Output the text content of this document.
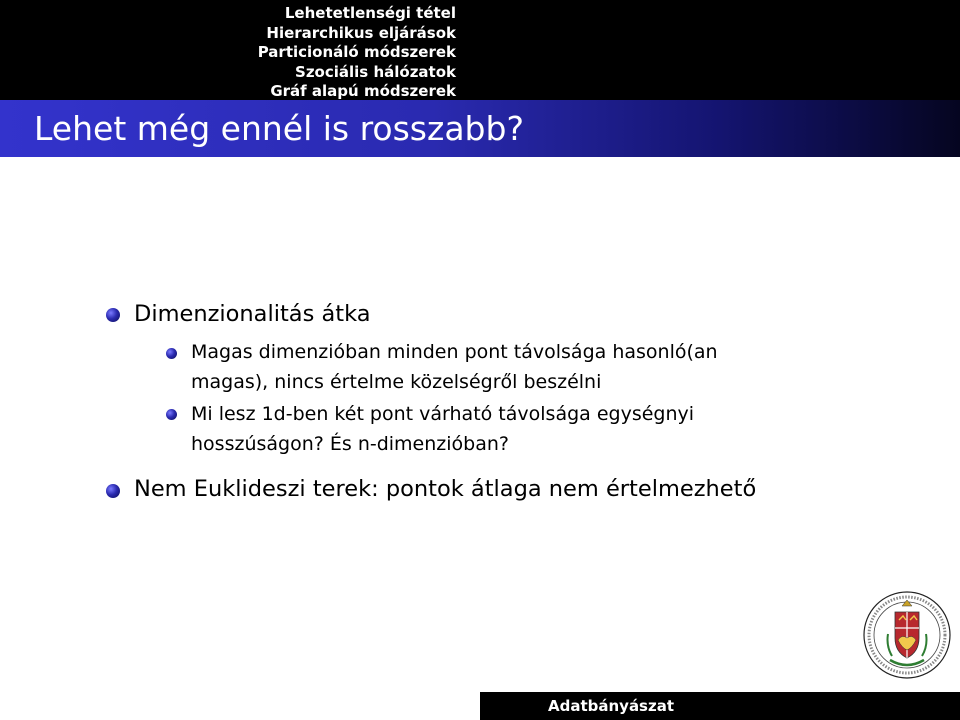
Lehetetlenségi tétel
Hierarchikus eljárások
Particionáló módszerek
Szociális hálózatok
Gráf alapú módszerek
Lehet még ennél is rosszabb?
Dimenzionalitás átka
Magas dimenzióban minden pont távolsága hasonló(an
magas), nincs értelme közelségről beszélni
Mi lesz 1d-ben két pont várható távolsága egységnyi
hosszúságon? És n-dimenzióban?
Nem Euklideszi terek: pontok átlaga nem értelmezhető
Adatbányászat
